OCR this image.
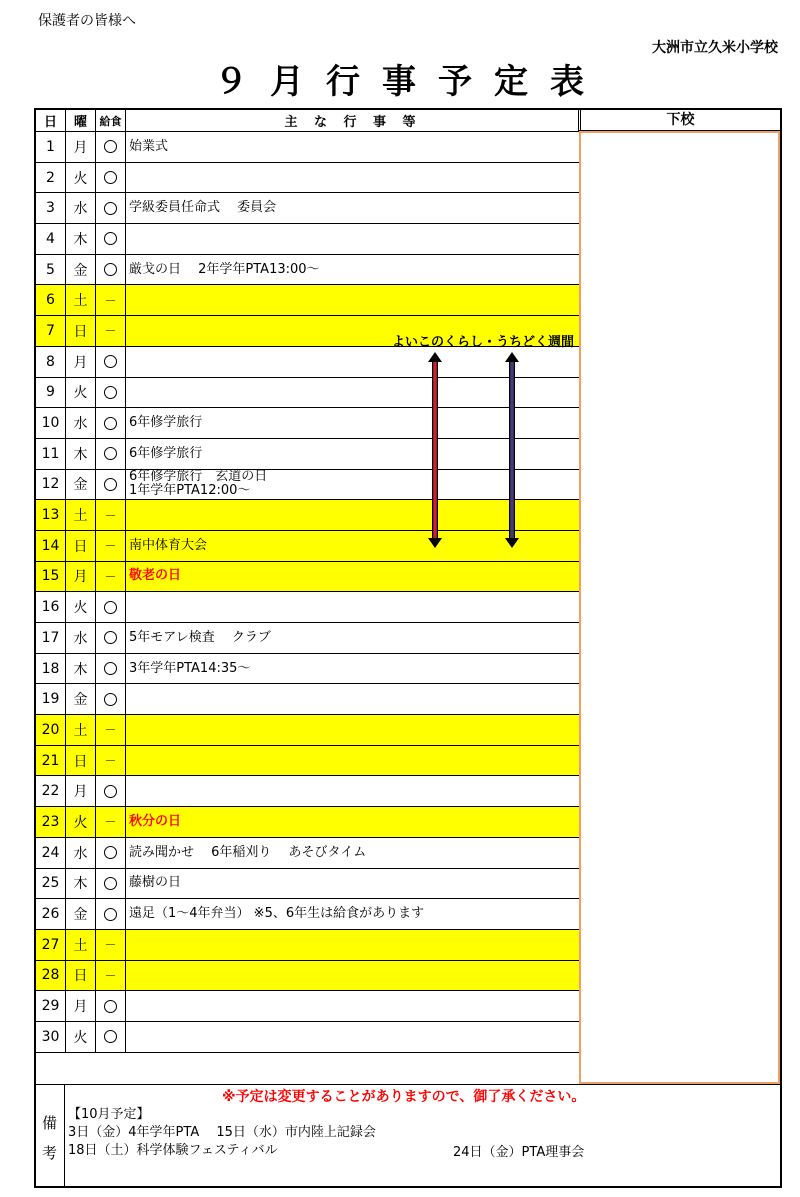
保護者の皆様へ
大洲市立久米小学校
９月行事予定表
日	曜	給食	主 な 行 事 等
1	月		始業式

2	火		

3	水		学級委員任命式　 委員会

4	木		

5	金		厳戈の日　 2年学年PTA13:00～

6	土	－	

7	日	－	

8	月		

9	火		

10	水		6年修学旅行

11	木		6年修学旅行

12	金		6年修学旅行　玄道の日
1年学年PTA12:00～

13	土	－	

14	日	－	南中体育大会

15	月	－	敬老の日

16	火		

17	水		5年モアレ検査　 クラブ

18	木		3年学年PTA14:35～

19	金		

20	土	－	

21	日	－	

22	月		

23	火	－	秋分の日

24	水		読み聞かせ　 6年稲刈り　 あそびタイム

25	木		藤樹の日

26	金		遠足（1～4年弁当） ※5、6年生は給食があります

27	土	－	

28	日	－	

29	月		

30	火		
下校
よいこのくらし・うちどく週間
備
考
【10月予定】
3日（金）4年学年PTA　 15日（水）市内陸上記録会
18日（土）科学体験フェスティバル	24日（金）PTA理事会
※予定は変更することがありますので、御了承ください。
